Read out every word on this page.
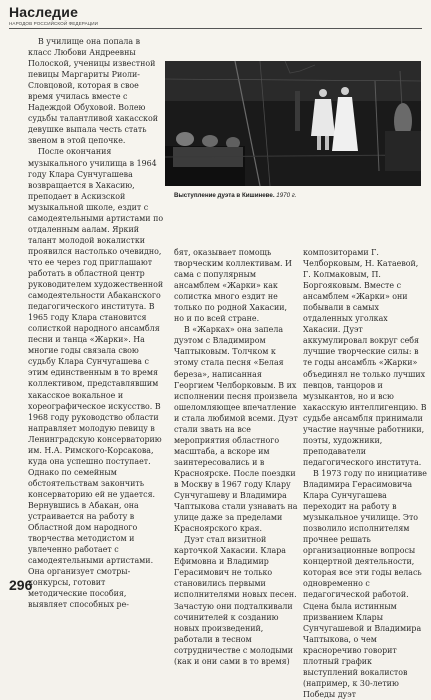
Наследие
НАРОДОВ РОССИЙСКОЙ ФЕДЕРАЦИИ

В училище она попала в класс Любови Андреевны Полоской, ученицы известной певицы Маргариты Риоли-Словцовой, которая в свое время училась вместе с Надеждой Обуховой. Волею судьбы талантливой хакасской девушке выпала честь стать звеном в этой цепочке.

После окончания музыкального училища в 1964 году Клара Сунчугашева возвращается в Хакасию, преподает в Аскизской музыкальной школе, ездит с самодеятельными артистами по отдаленным аалам. Яркий талант молодой вокалистки проявился настолько очевидно, что ее через год приглашают работать в областной центр руководителем художественной самодеятельности Абаканского педагогического института. В 1965 году Клара становится солисткой народного ансамбля песни и танца «Жарки». На многие годы связала свою судьбу Клара Сунчугашева с этим единственным в то время коллективом, представлявшим хакасское вокальное и хореографическое искусство. В 1968 году руководство области направляет молодую певицу в Ленинградскую консерваторию им. Н.А. Римского-Корсакова, куда она успешно поступает. Однако по семейным обстоятельствам закончить консерваторию ей не удается. Вернувшись в Абакан, она устраивается на работу в Областной дом народного творчества методистом и увлеченно работает с самодеятельными артистами. Она организует смотры-конкурсы, готовит методические пособия, выявляет способных ре-

Выступление дуэта в Кишиневе. 1970 г.

бят, оказывает помощь творческим коллективам. И сама с популярным ансамблем «Жарки» как солистка много ездит не только по родной Хакасии, но и по всей стране.

В «Жарках» она запела дуэтом с Владимиром Чаптыковым. Толчком к этому стала песня «Белая береза», написанная Георгием Челборковым. В их исполнении песня произвела ошеломляющее впечатление и стала любимой всеми. Дуэт стали звать на все мероприятия областного масштаба, а вскоре им заинтересовались и в Красноярске. После поездки в Москву в 1967 году Клару Сунчугашеву и Владимира Чаптыкова стали узнавать на улице даже за пределами Красноярского края.

Дуэт стал визитной карточкой Хакасии. Клара Ефимовна и Владимир Герасимович не только становились первыми исполнителями новых песен. Зачастую они подталкивали сочинителей к созданию новых произведений, работали в тесном сотрудничестве с молодыми (как и они сами в то время)

композиторами Г. Челборковым, Н. Катаевой, Г. Колмаковым, П. Боргояковым. Вместе с ансамблем «Жарки» они побывали в самых отдаленных уголках Хакасии. Дуэт аккумулировал вокруг себя лучшие творческие силы: в те годы ансамбль «Жарки» объединял не только лучших певцов, танцоров и музыкантов, но и всю хакасскую интеллигенцию. В судьбе ансамбля принимали участие научные работники, поэты, художники, преподаватели педагогического института.

В 1973 году по инициативе Владимира Герасимовича Клара Сунчугашева переходит на работу в музыкальное училище. Это позволило исполнителям прочнее решать организационные вопросы концертной деятельности, которая все эти годы велась одновременно с педагогической работой. Сцена была истинным призванием Клары Сунчугашевой и Владимира Чаптыкова, о чем красноречиво говорит плотный график выступлений вокалистов (например, к 30-летию Победы дуэт

296
